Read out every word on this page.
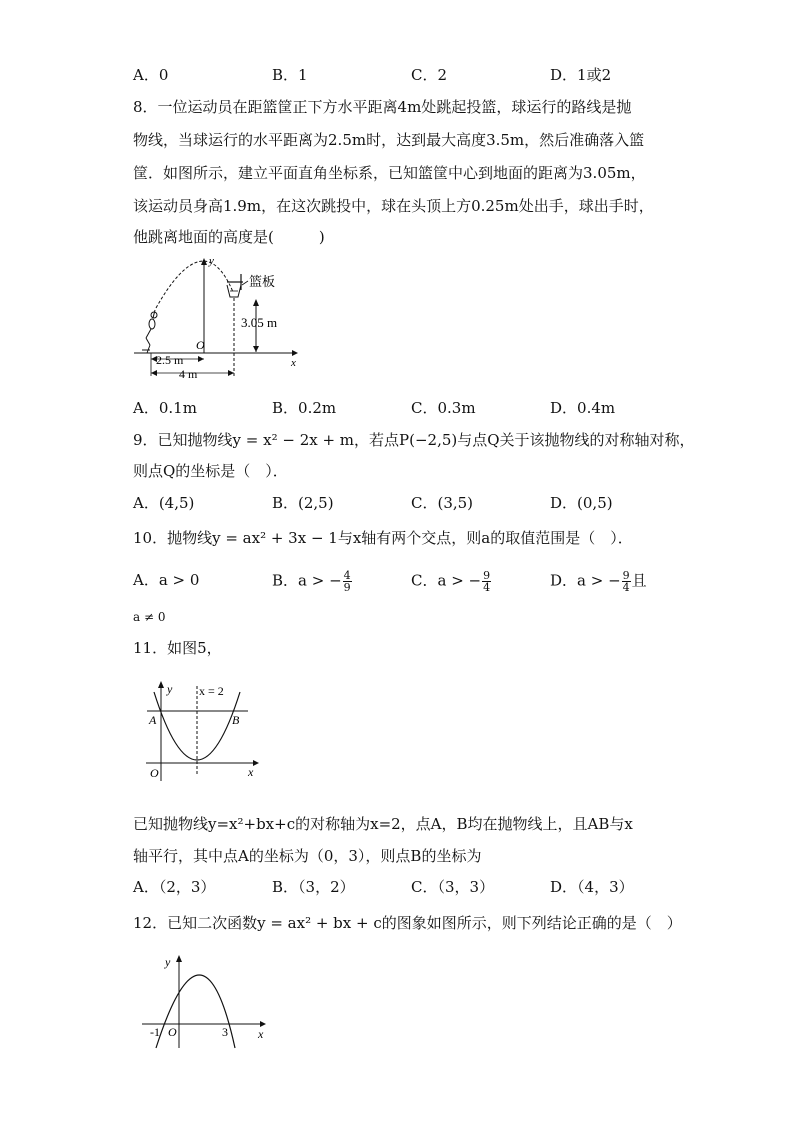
A．0	B．1	C．2	D．1或2
8．一位运动员在距篮筐正下方水平距离4m处跳起投篮，球运行的路线是抛
物线，当球运行的水平距离为2.5m时，达到最大高度3.5m，然后准确落入篮
筐．如图所示，建立平面直角坐标系，已知篮筐中心到地面的距离为3.05m，
该运动员身高1.9m，在这次跳投中，球在头顶上方0.25m处出手，球出手时，
他跳离地面的高度是(　　　)
x
y
O
篮板
3.05 m
2.5 m
4 m
A．0.1m	B．0.2m	C．0.3m	D．0.4m
9．已知抛物线y = x² − 2x + m，若点P(−2,5)与点Q关于该抛物线的对称轴对称，
则点Q的坐标是（　）．
A．(4,5)	B．(2,5)	C．(3,5)	D．(0,5)
10．抛物线y = ax² + 3x − 1与x轴有两个交点，则a的取值范围是（　）．
A．a > 0	B．a > − $\frac{4}{9}$	C．a > − $\frac{9}{4}$	D．a > − $\frac{9}{4}$ 且
a ≠ 0
11．如图5，
x
y
O
x = 2
A	B
已知抛物线y=x²+bx+c的对称轴为x=2，点A，B均在抛物线上，且AB与x
轴平行，其中点A的坐标为（0，3），则点B的坐标为
A．（2，3）	B．（3，2）	C．（3，3）	D．（4，3）
12．已知二次函数y = ax² + bx + c的图象如图所示，则下列结论正确的是（　）
x
y
-1 O	3
